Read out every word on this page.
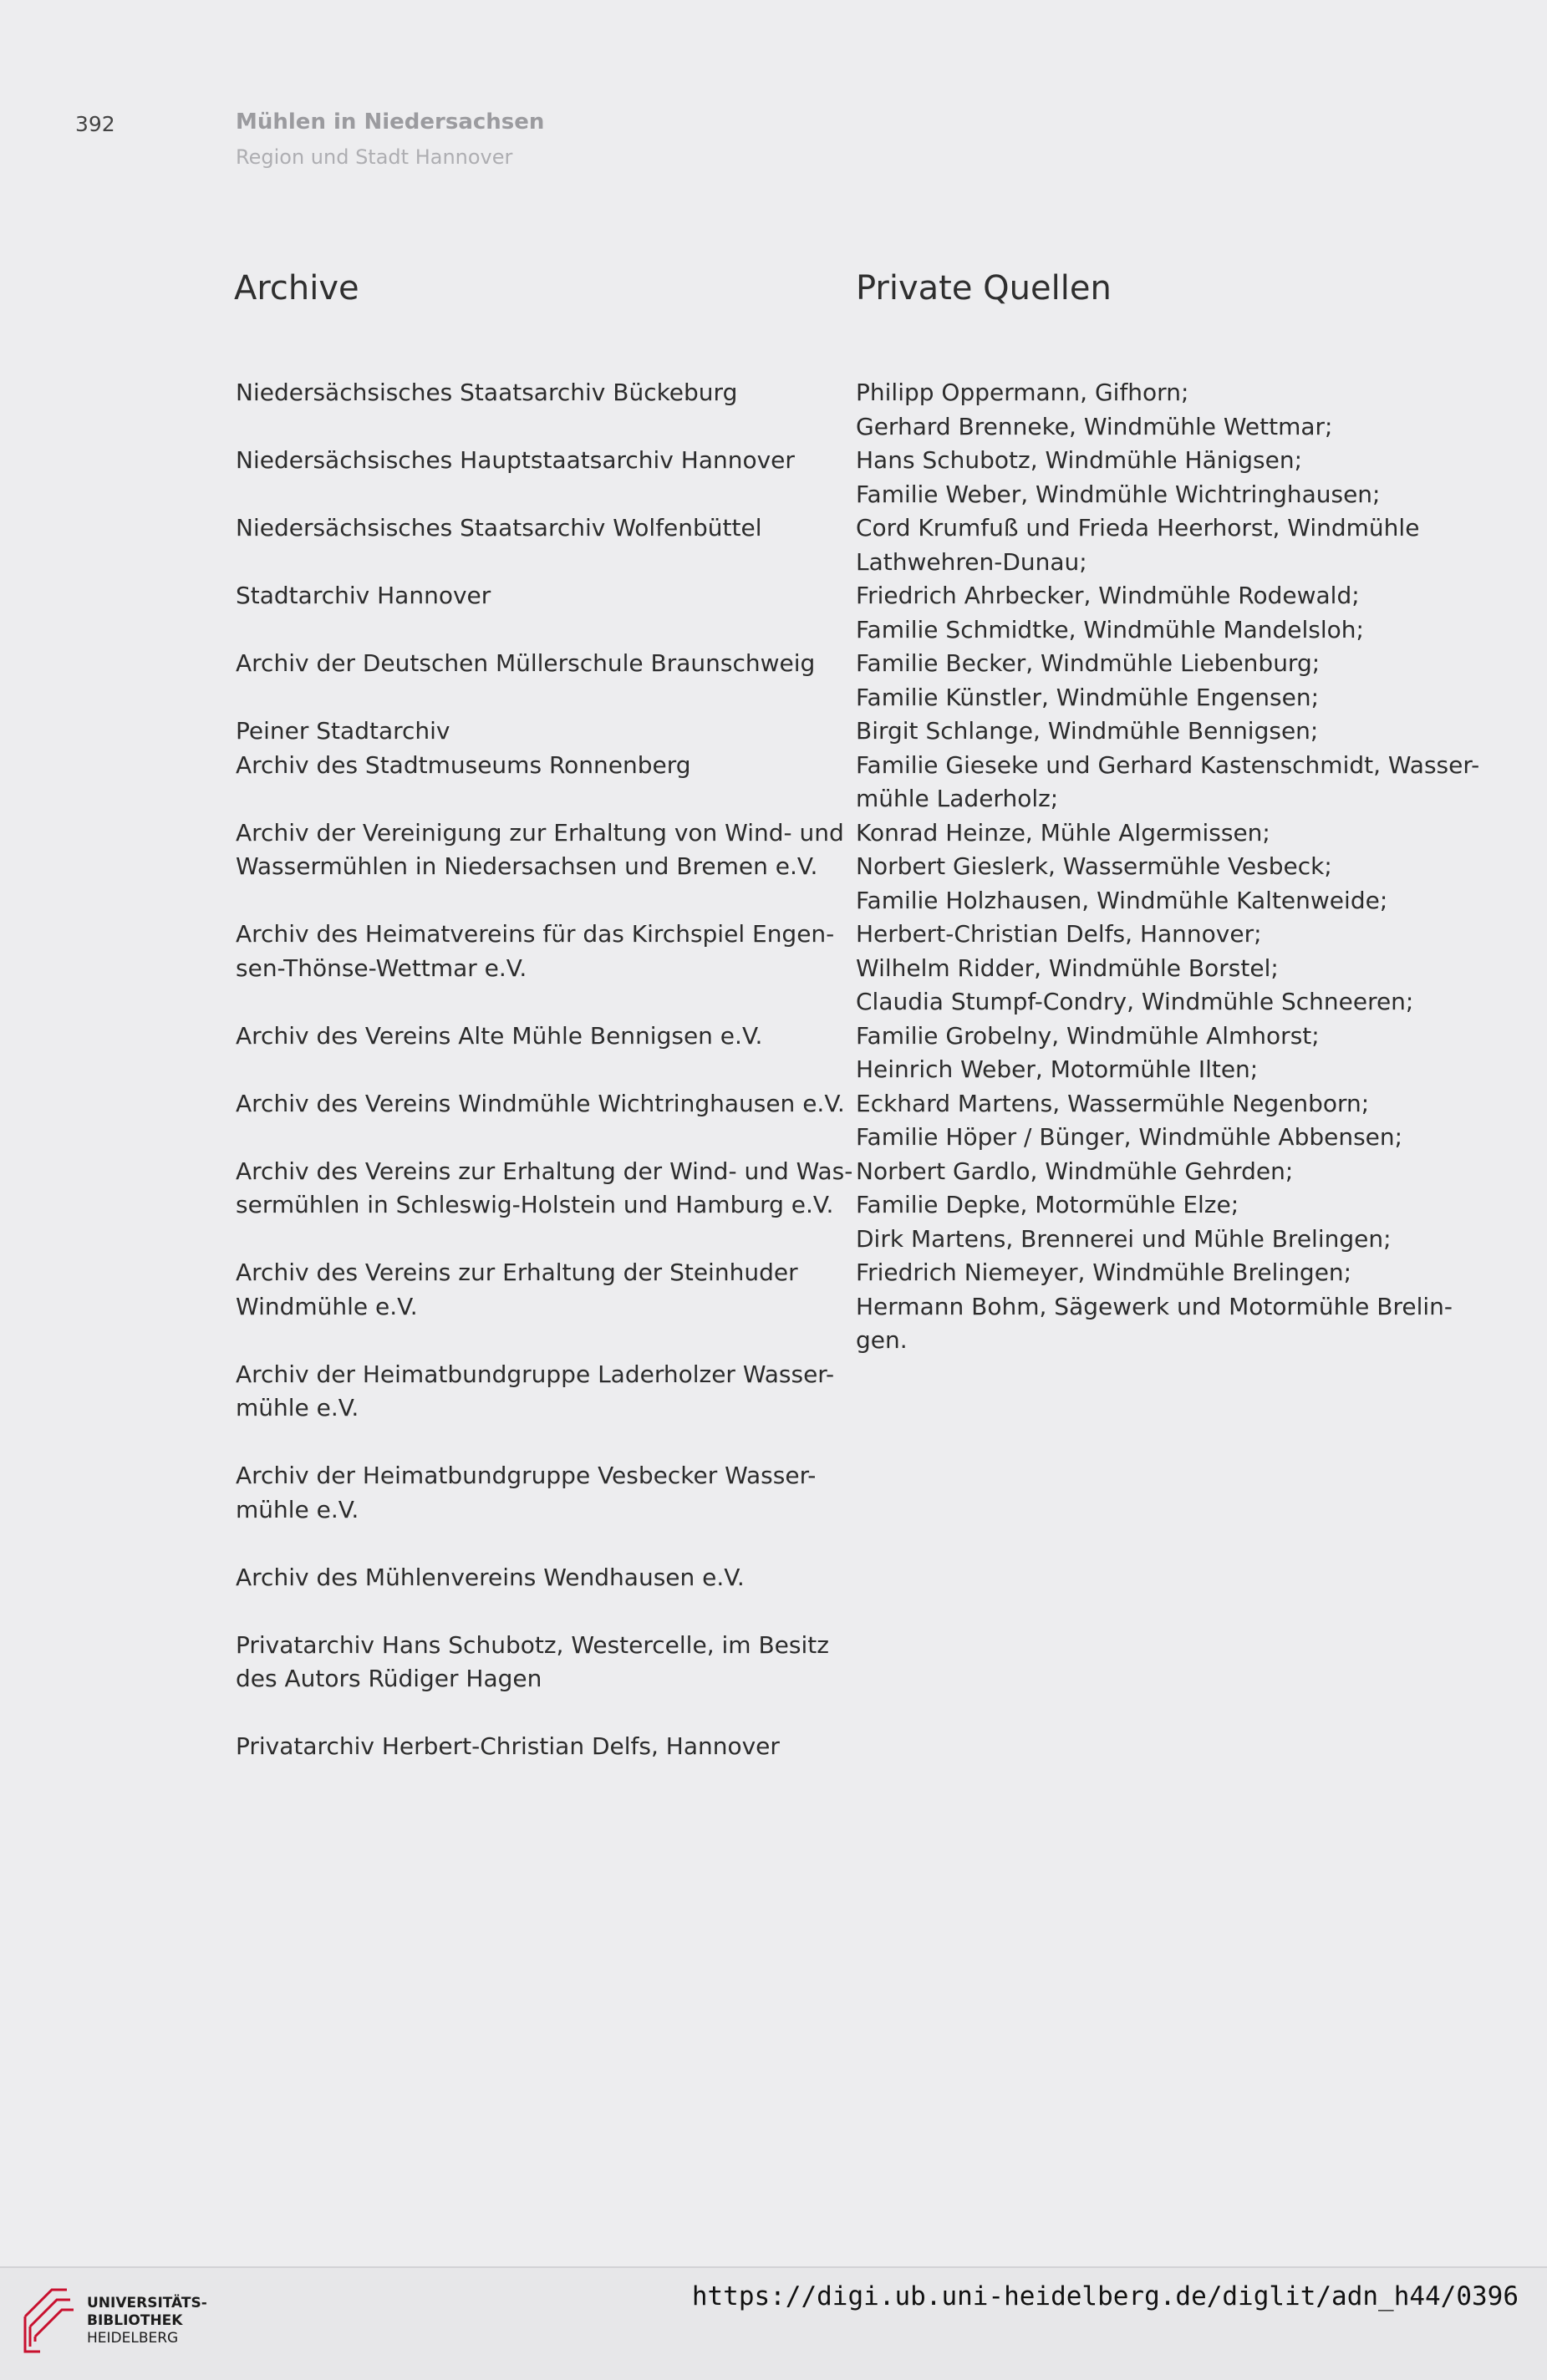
392	Mühlen in Niedersachsen
Region und Stadt Hannover
Archive	Private Quellen
Niedersächsisches Staatsarchiv Bückeburg
Niedersächsisches Hauptstaatsarchiv Hannover
Niedersächsisches Staatsarchiv Wolfenbüttel
Stadtarchiv Hannover
Archiv der Deutschen Müllerschule Braunschweig
Peiner Stadtarchiv
Archiv des Stadtmuseums Ronnenberg
Archiv der Vereinigung zur Erhaltung von Wind- und
Wassermühlen in Niedersachsen und Bremen e.V.
Archiv des Heimatvereins für das Kirchspiel Engen-
sen-Thönse-Wettmar e.V.
Archiv des Vereins Alte Mühle Bennigsen e.V.
Archiv des Vereins Windmühle Wichtringhausen e.V.
Archiv des Vereins zur Erhaltung der Wind- und Was-
sermühlen in Schleswig-Holstein und Hamburg e.V.
Archiv des Vereins zur Erhaltung der Steinhuder
Windmühle e.V.
Archiv der Heimatbundgruppe Laderholzer Wasser-
mühle e.V.
Archiv der Heimatbundgruppe Vesbecker Wasser-
mühle e.V.
Archiv des Mühlenvereins Wendhausen e.V.
Privatarchiv Hans Schubotz, Westercelle, im Besitz
des Autors Rüdiger Hagen
Privatarchiv Herbert-Christian Delfs, Hannover
Philipp Oppermann, Gifhorn;
Gerhard Brenneke, Windmühle Wettmar;
Hans Schubotz, Windmühle Hänigsen;
Familie Weber, Windmühle Wichtringhausen;
Cord Krumfuß und Frieda Heerhorst, Windmühle
Lathwehren-Dunau;
Friedrich Ahrbecker, Windmühle Rodewald;
Familie Schmidtke, Windmühle Mandelsloh;
Familie Becker, Windmühle Liebenburg;
Familie Künstler, Windmühle Engensen;
Birgit Schlange, Windmühle Bennigsen;
Familie Gieseke und Gerhard Kastenschmidt, Wasser-
mühle Laderholz;
Konrad Heinze, Mühle Algermissen;
Norbert Gieslerk, Wassermühle Vesbeck;
Familie Holzhausen, Windmühle Kaltenweide;
Herbert-Christian Delfs, Hannover;
Wilhelm Ridder, Windmühle Borstel;
Claudia Stumpf-Condry, Windmühle Schneeren;
Familie Grobelny, Windmühle Almhorst;
Heinrich Weber, Motormühle Ilten;
Eckhard Martens, Wassermühle Negenborn;
Familie Höper / Bünger, Windmühle Abbensen;
Norbert Gardlo, Windmühle Gehrden;
Familie Depke, Motormühle Elze;
Dirk Martens, Brennerei und Mühle Brelingen;
Friedrich Niemeyer, Windmühle Brelingen;
Hermann Bohm, Sägewerk und Motormühle Brelin-
gen.
UNIVERSITÄTS-
BIBLIOTHEK
HEIDELBERG
https://digi.ub.uni-heidelberg.de/diglit/adn_h44/0396
